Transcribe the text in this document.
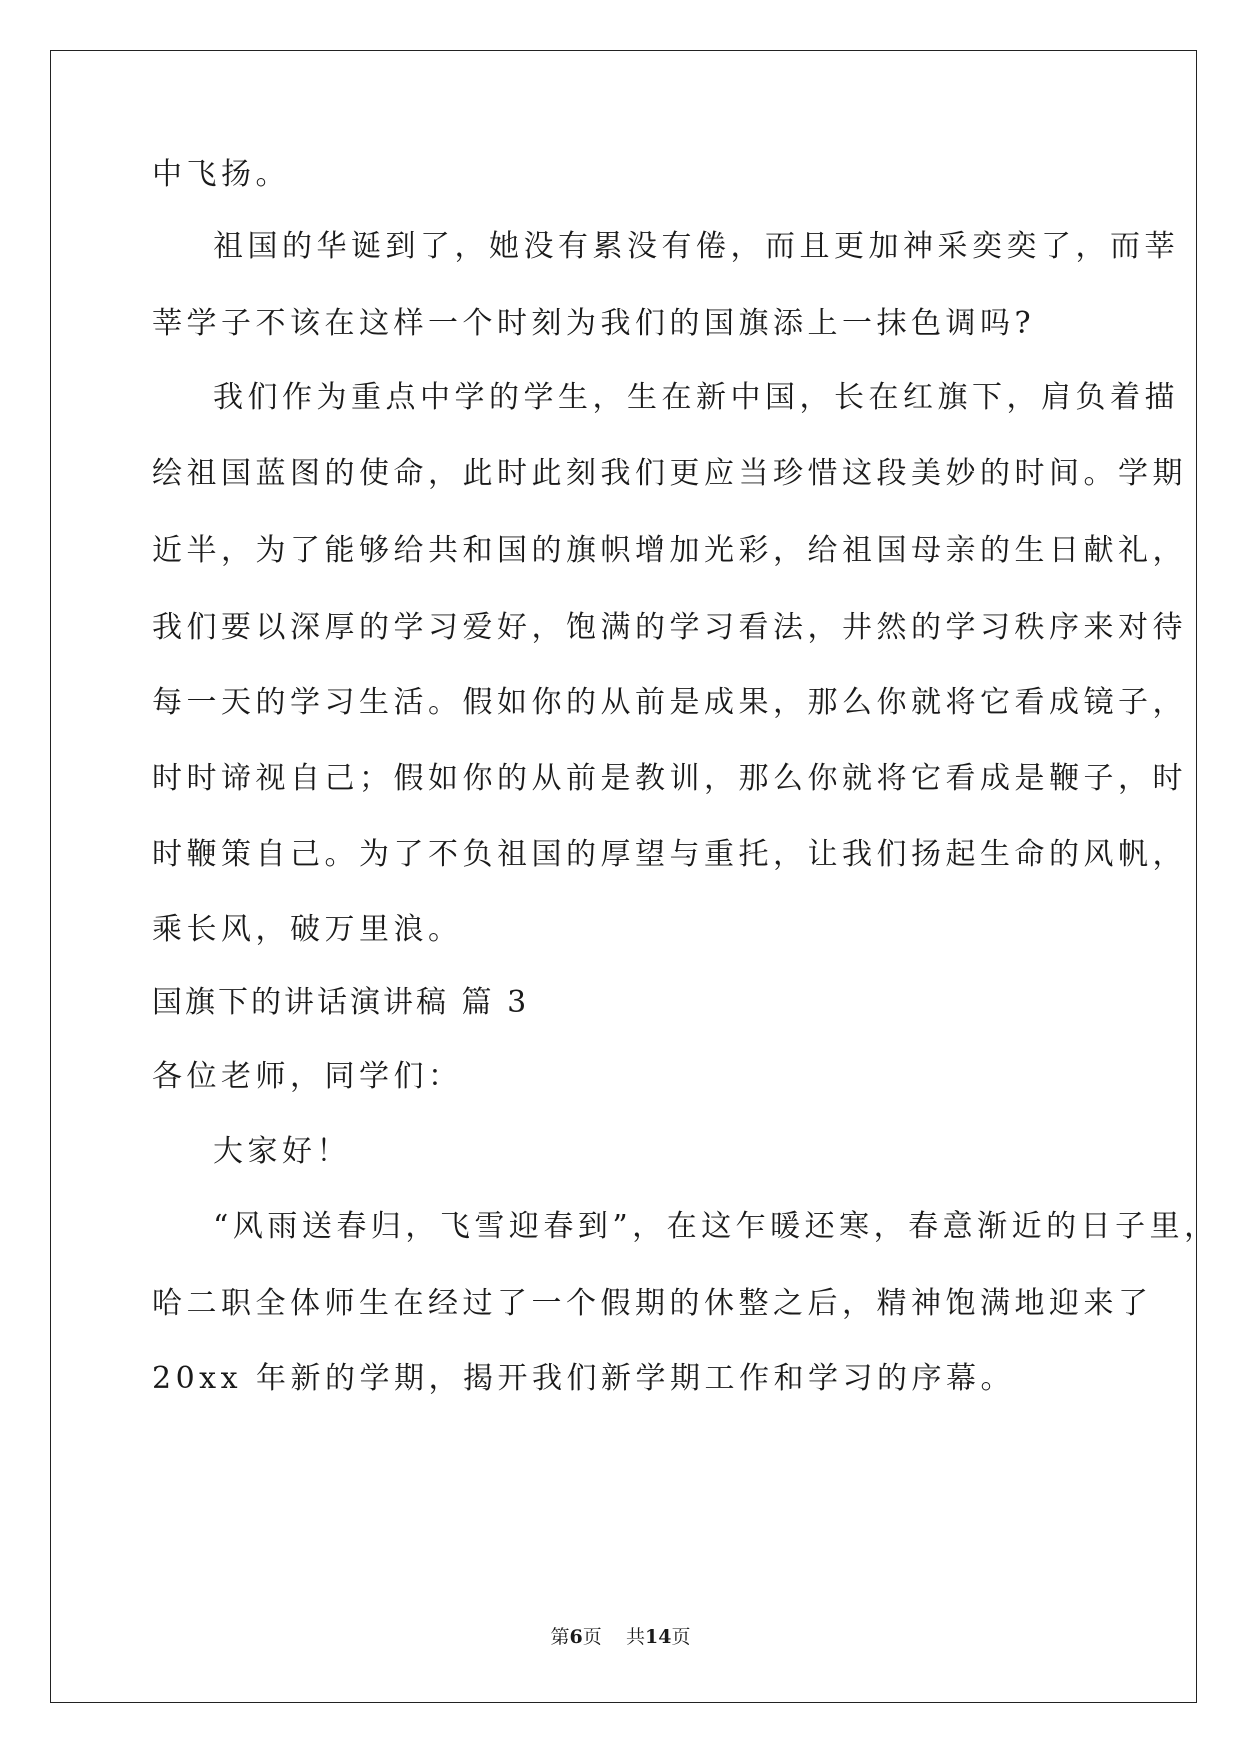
中飞扬。
祖国的华诞到了，她没有累没有倦，而且更加神采奕奕了，而莘
莘学子不该在这样一个时刻为我们的国旗添上一抹色调吗?
我们作为重点中学的学生，生在新中国，长在红旗下，肩负着描
绘祖国蓝图的使命，此时此刻我们更应当珍惜这段美妙的时间。学期
近半，为了能够给共和国的旗帜增加光彩，给祖国母亲的生日献礼，
我们要以深厚的学习爱好，饱满的学习看法，井然的学习秩序来对待
每一天的学习生活。假如你的从前是成果，那么你就将它看成镜子，
时时谛视自己；假如你的从前是教训，那么你就将它看成是鞭子，时
时鞭策自己。为了不负祖国的厚望与重托，让我们扬起生命的风帆，
乘长风，破万里浪。
国旗下的讲话演讲稿 篇 3
各位老师，同学们：
大家好！
“风雨送春归，飞雪迎春到”，在这乍暖还寒，春意渐近的日子里，
哈二职全体师生在经过了一个假期的休整之后，精神饱满地迎来了
20xx 年新的学期，揭开我们新学期工作和学习的序幕。
第6页 共14页
